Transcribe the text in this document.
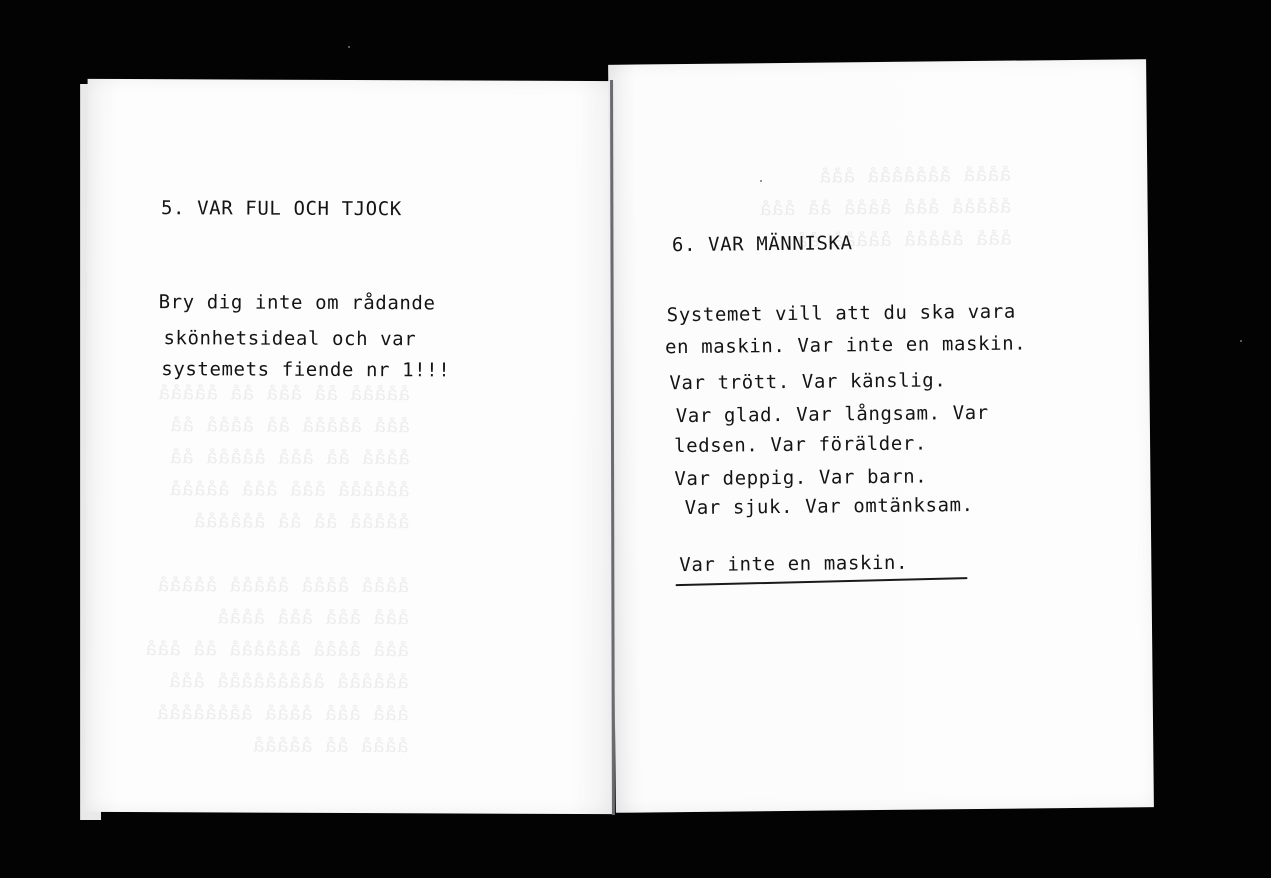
ååååå åå ååå åå ååååå
ååå ååååå åå åååå åå
åååå åå ååå ååååå åå
åååååå ååå ååå ååååå
ååååå åå åå åååååå

åååå åååå ååååå ååååå
ååå ååå ååå åååå
ååå åååå åååååå åå ååå
åååååå ååååååååå ååå
ååå ååå åååå åååååååå
åååå åå ååååå
5. VAR FUL OCH TJOCK
Bry dig inte om rådande
skönhetsideal och var
systemets fiende nr 1!!!
åååå ååååååå ååå
ååååå ååå åååå åå ååå
ååå ååååå ååååå åå
6. VAR MÄNNISKA
Systemet vill att du ska vara
en maskin. Var inte en maskin.
Var trött. Var känslig.
Var glad. Var långsam. Var
ledsen. Var förälder.
Var deppig. Var barn.
Var sjuk. Var omtänksam.
Var inte en maskin.
